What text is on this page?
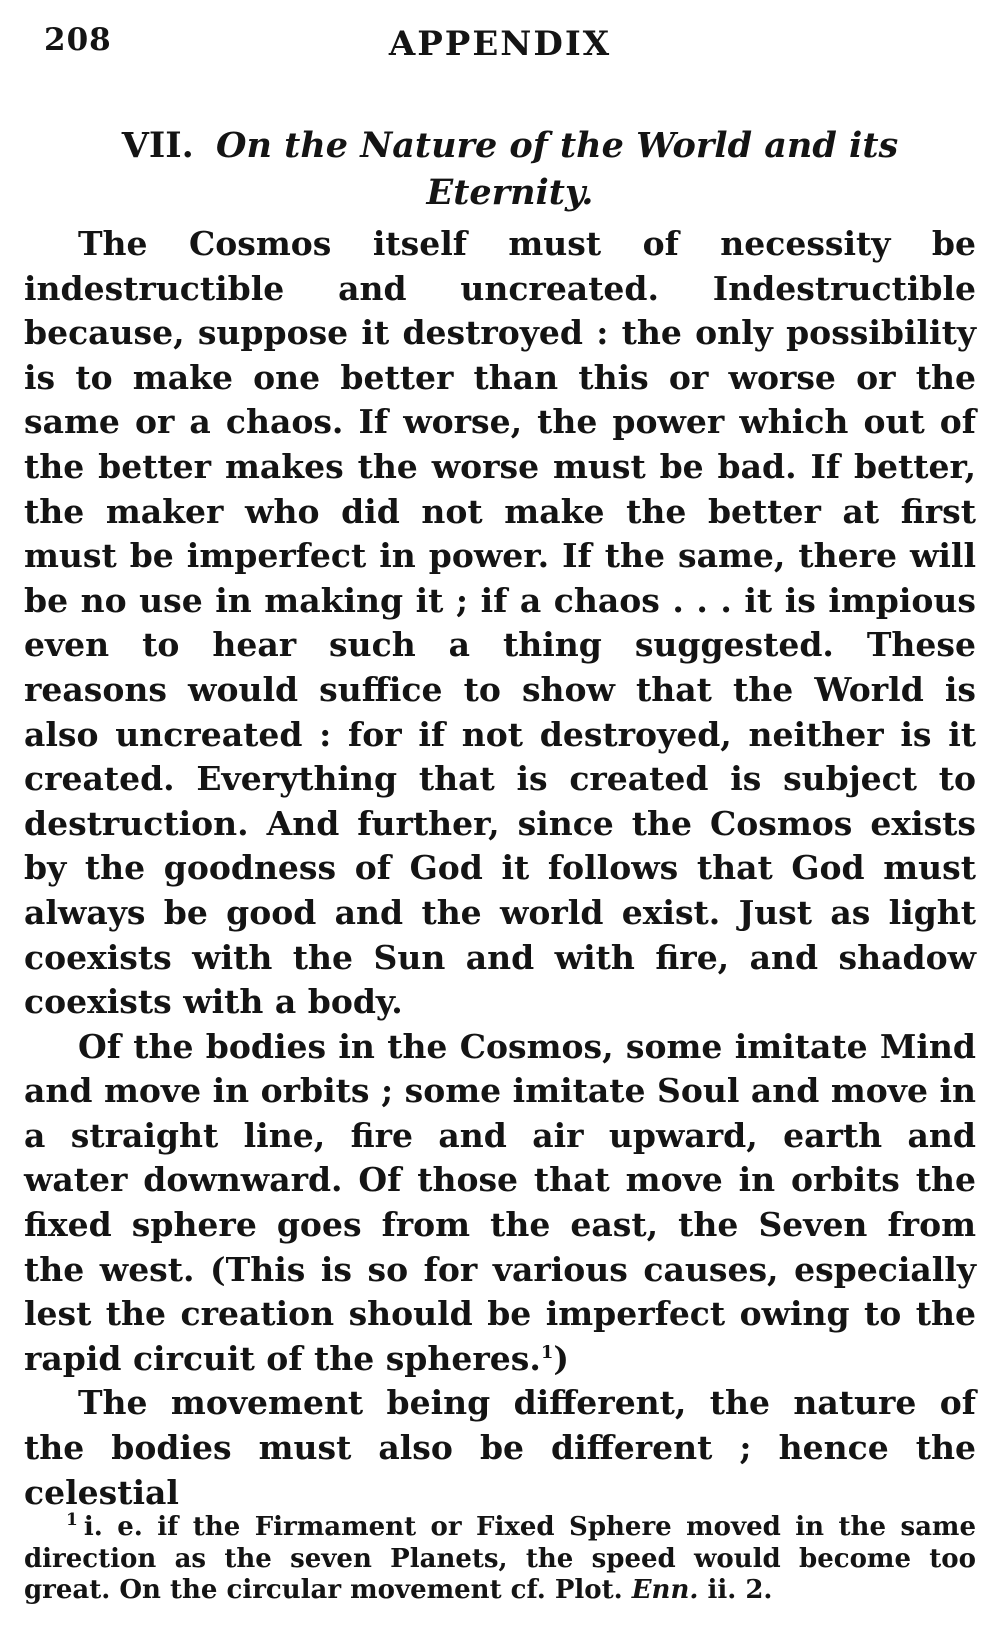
208	APPENDIX
VII. On the Nature of the World and its Eternity.

The Cosmos itself must of necessity be indestructible and uncreated. Indestructible because, suppose it destroyed : the only possibility is to make one better than this or worse or the same or a chaos. If worse, the power which out of the better makes the worse must be bad. If better, the maker who did not make the better at first must be imperfect in power. If the same, there will be no use in making it ; if a chaos . . . it is impious even to hear such a thing suggested. These reasons would suffice to show that the World is also uncreated : for if not destroyed, neither is it created. Everything that is created is subject to destruction. And further, since the Cosmos exists by the goodness of God it follows that God must always be good and the world exist. Just as light coexists with the Sun and with fire, and shadow coexists with a body.

Of the bodies in the Cosmos, some imitate Mind and move in orbits ; some imitate Soul and move in a straight line, fire and air upward, earth and water downward. Of those that move in orbits the fixed sphere goes from the east, the Seven from the west. (This is so for various causes, especially lest the creation should be imperfect owing to the rapid circuit of the spheres.$^1$)

The movement being different, the nature of the bodies must also be different ; hence the celestial

$^1$ i. e. if the Firmament or Fixed Sphere moved in the same direction as the seven Planets, the speed would become too great. On the circular movement cf. Plot. Enn. ii. 2.
